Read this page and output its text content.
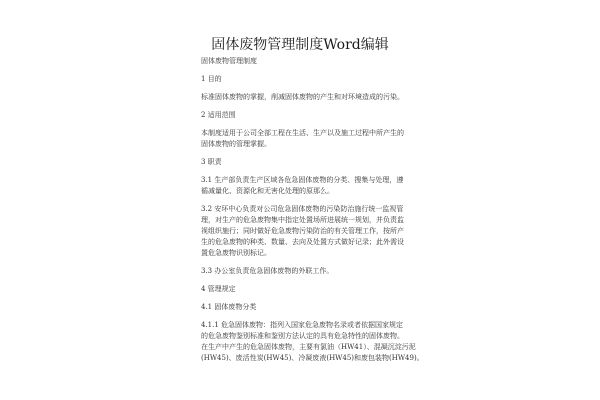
固体废物管理制度Word编辑
固体废物管理制度
1 目的
标准固体废物的掌握，削减固体废物的产生和对环境造成的污染。
2 适用范围
本制度适用于公司全部工程在生活、生产以及施工过程中所产生的
固体废物的管理掌握。
3 职责
3.1 生产部负责生产区域各危急固体废物的分类、搜集与处理，遵
循减量化、资源化和无害化处理的原那么。
3.2 安环中心负责对公司危急固体废物的污染防治施行统一监视管
理，对生产的危急废物集中指定处置场所进展统一规划，并负责监
视组织施行；同时做好危急废物污染防治的有关管理工作，按所产
生的危急废物的种类、数量、去向及处置方式做好记录；此外需设
置危急废物识别标记。
3.3 办公室负责危急固体废物的外联工作。
4 管理规定
4.1 固体废物分类
4.1.1 危急固体废物：指列入国家危急废物名录或者依据国家规定
的危急废物鉴别标准和鉴别方法认定的具有危急特性的固体废物。
在生产中产生的危急固体废物，主要有氯油（HW41）、混凝沉淀污泥
(HW45)、废活性炭(HW45)、冷凝废液(HW45)和废包装物(HW49)。
